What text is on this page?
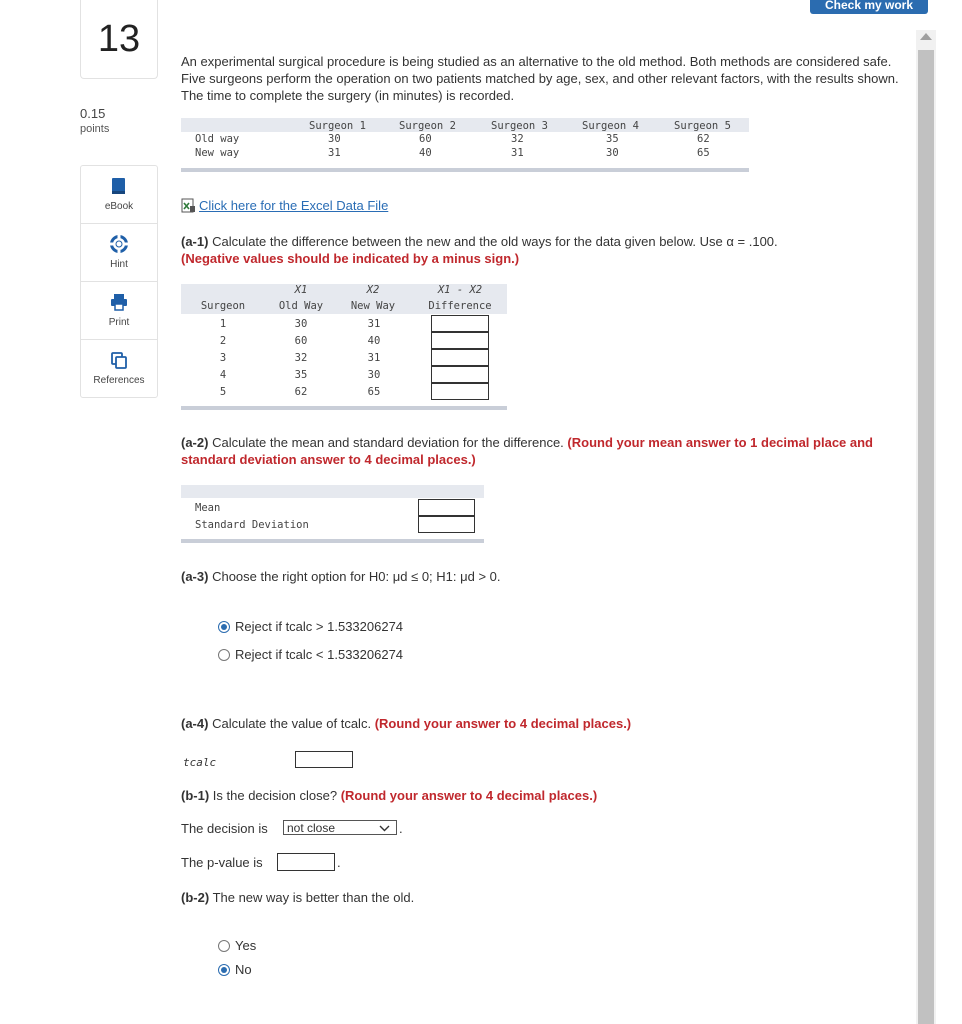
Check my work
13
0.15
points
eBook
Hint
Print
References
An experimental surgical procedure is being studied as an alternative to the old method. Both methods are considered safe. Five surgeons perform the operation on two patients matched by age, sex, and other relevant factors, with the results shown. The time to complete the surgery (in minutes) is recorded.
Surgeon 1	Surgeon 2	Surgeon 3	Surgeon 4	Surgeon 5
Old way	30	60	32	35	62
New way	31	40	31	30	65
Click here for the Excel Data File
(a-1) Calculate the difference between the new and the old ways for the data given below. Use α = .100.
(Negative values should be indicated by a minus sign.)
X1	X2	X1 - X2
Surgeon	Old Way	New Way	Difference
1	30	31
2	60	40
3	32	31
4	35	30
5	62	65
(a-2) Calculate the mean and standard deviation for the difference. (Round your mean answer to 1 decimal place and standard deviation answer to 4 decimal places.)
Mean
Standard Deviation
(a-3) Choose the right option for H0: μd ≤ 0; H1: μd > 0.
Reject if tcalc > 1.533206274
Reject if tcalc < 1.533206274
(a-4) Calculate the value of tcalc. (Round your answer to 4 decimal places.)
tcalc
(b-1) Is the decision close? (Round your answer to 4 decimal places.)
The decision is not close	.
The p-value is	.
(b-2) The new way is better than the old.
Yes
No
